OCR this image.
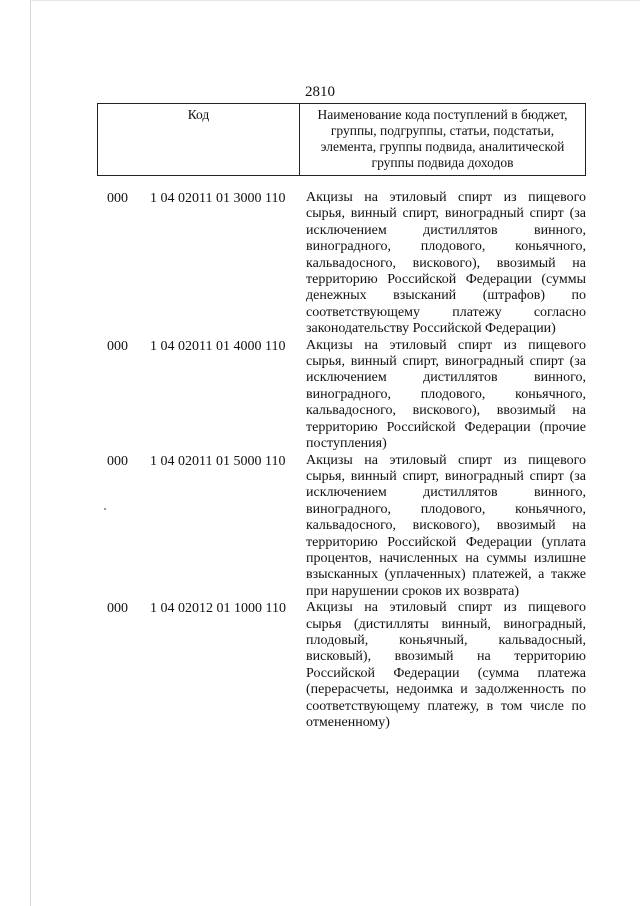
2810
Код	Наименование кода поступлений в бюджет, группы, подгруппы, статьи, подстатьи, элемента, группы подвида, аналитической группы подвида доходов
000 1 04 02011 01 3000 110 Акцизы на этиловый спирт из пищевого
сырья, винный спирт, виноградный спирт (за
исключением дистиллятов винного,
виноградного, плодового, коньячного,
кальвадосного, вискового), ввозимый на
территорию Российской Федерации (суммы
денежных взысканий (штрафов) по
соответствующему платежу согласно
законодательству Российской Федерации)
000 1 04 02011 01 4000 110 Акцизы на этиловый спирт из пищевого
сырья, винный спирт, виноградный спирт (за
исключением дистиллятов винного,
виноградного, плодового, коньячного,
кальвадосного, вискового), ввозимый на
территорию Российской Федерации (прочие
поступления)
000 1 04 02011 01 5000 110 Акцизы на этиловый спирт из пищевого
сырья, винный спирт, виноградный спирт (за
исключением дистиллятов винного,
виноградного, плодового, коньячного,
кальвадосного, вискового), ввозимый на
территорию Российской Федерации (уплата
процентов, начисленных на суммы излишне
взысканных (уплаченных) платежей, а также
при нарушении сроков их возврата)
000 1 04 02012 01 1000 110 Акцизы на этиловый спирт из пищевого
сырья (дистилляты винный, виноградный,
плодовый, коньячный, кальвадосный,
висковый), ввозимый на территорию
Российской Федерации (сумма платежа
(перерасчеты, недоимка и задолженность по
соответствующему платежу, в том числе по
отмененному)
